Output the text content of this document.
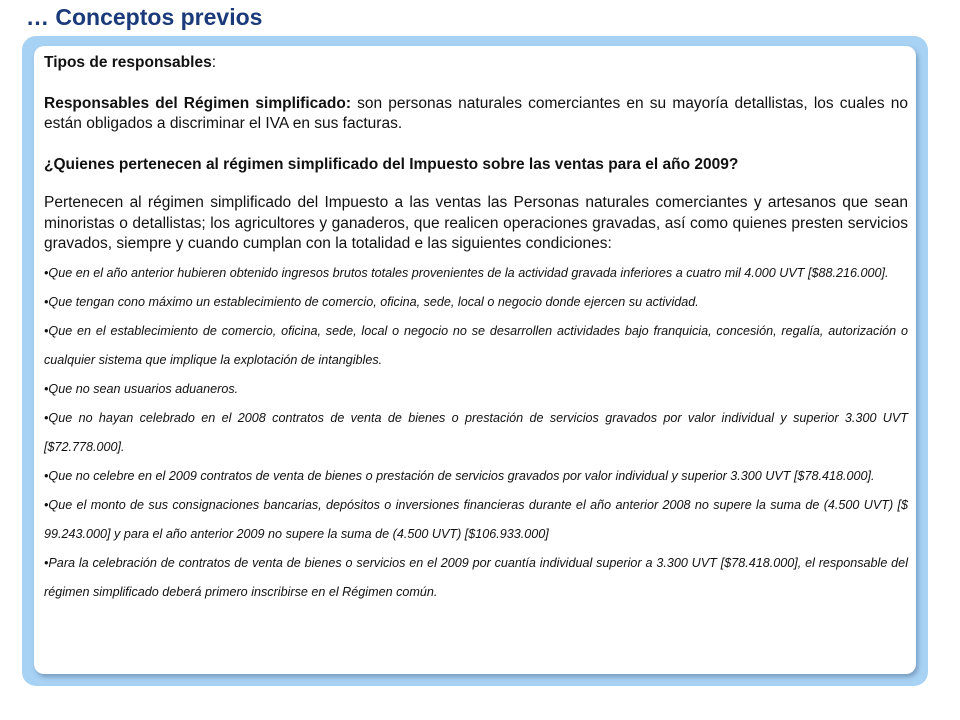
… Conceptos previos

Tipos de responsables:

Responsables del Régimen simplificado: son personas naturales comerciantes en su mayoría detallistas, los cuales no están obligados a discriminar el IVA en sus facturas.

¿Quienes pertenecen al régimen simplificado del Impuesto sobre las ventas para el año 2009?

Pertenecen al régimen simplificado del Impuesto a las ventas las Personas naturales comerciantes y artesanos que sean minoristas o detallistas; los agricultores y ganaderos, que realicen operaciones gravadas, así como quienes presten servicios gravados, siempre y cuando cumplan con la totalidad e las siguientes condiciones:

•Que en el año anterior hubieren obtenido ingresos brutos totales provenientes de la actividad gravada inferiores a cuatro mil 4.000 UVT [$88.216.000].
•Que tengan cono máximo un establecimiento de comercio, oficina, sede, local o negocio donde ejercen su actividad.
•Que en el establecimiento de comercio, oficina, sede, local o negocio no se desarrollen actividades bajo franquicia, concesión, regalía, autorización o cualquier sistema que implique la explotación de intangibles.
•Que no sean usuarios aduaneros.
•Que no hayan celebrado en el 2008 contratos de venta de bienes o prestación de servicios gravados por valor individual y superior 3.300 UVT [$72.778.000].
•Que no celebre en el 2009 contratos de venta de bienes o prestación de servicios gravados por valor individual y superior 3.300 UVT [$78.418.000].
•Que el monto de sus consignaciones bancarias, depósitos o inversiones financieras durante el año anterior 2008 no supere la suma de (4.500 UVT) [$ 99.243.000] y para el año anterior 2009 no supere la suma de (4.500 UVT) [$106.933.000]
•Para la celebración de contratos de venta de bienes o servicios en el 2009 por cuantía individual superior a 3.300 UVT [$78.418.000], el responsable del régimen simplificado deberá primero inscribirse en el Régimen común.
